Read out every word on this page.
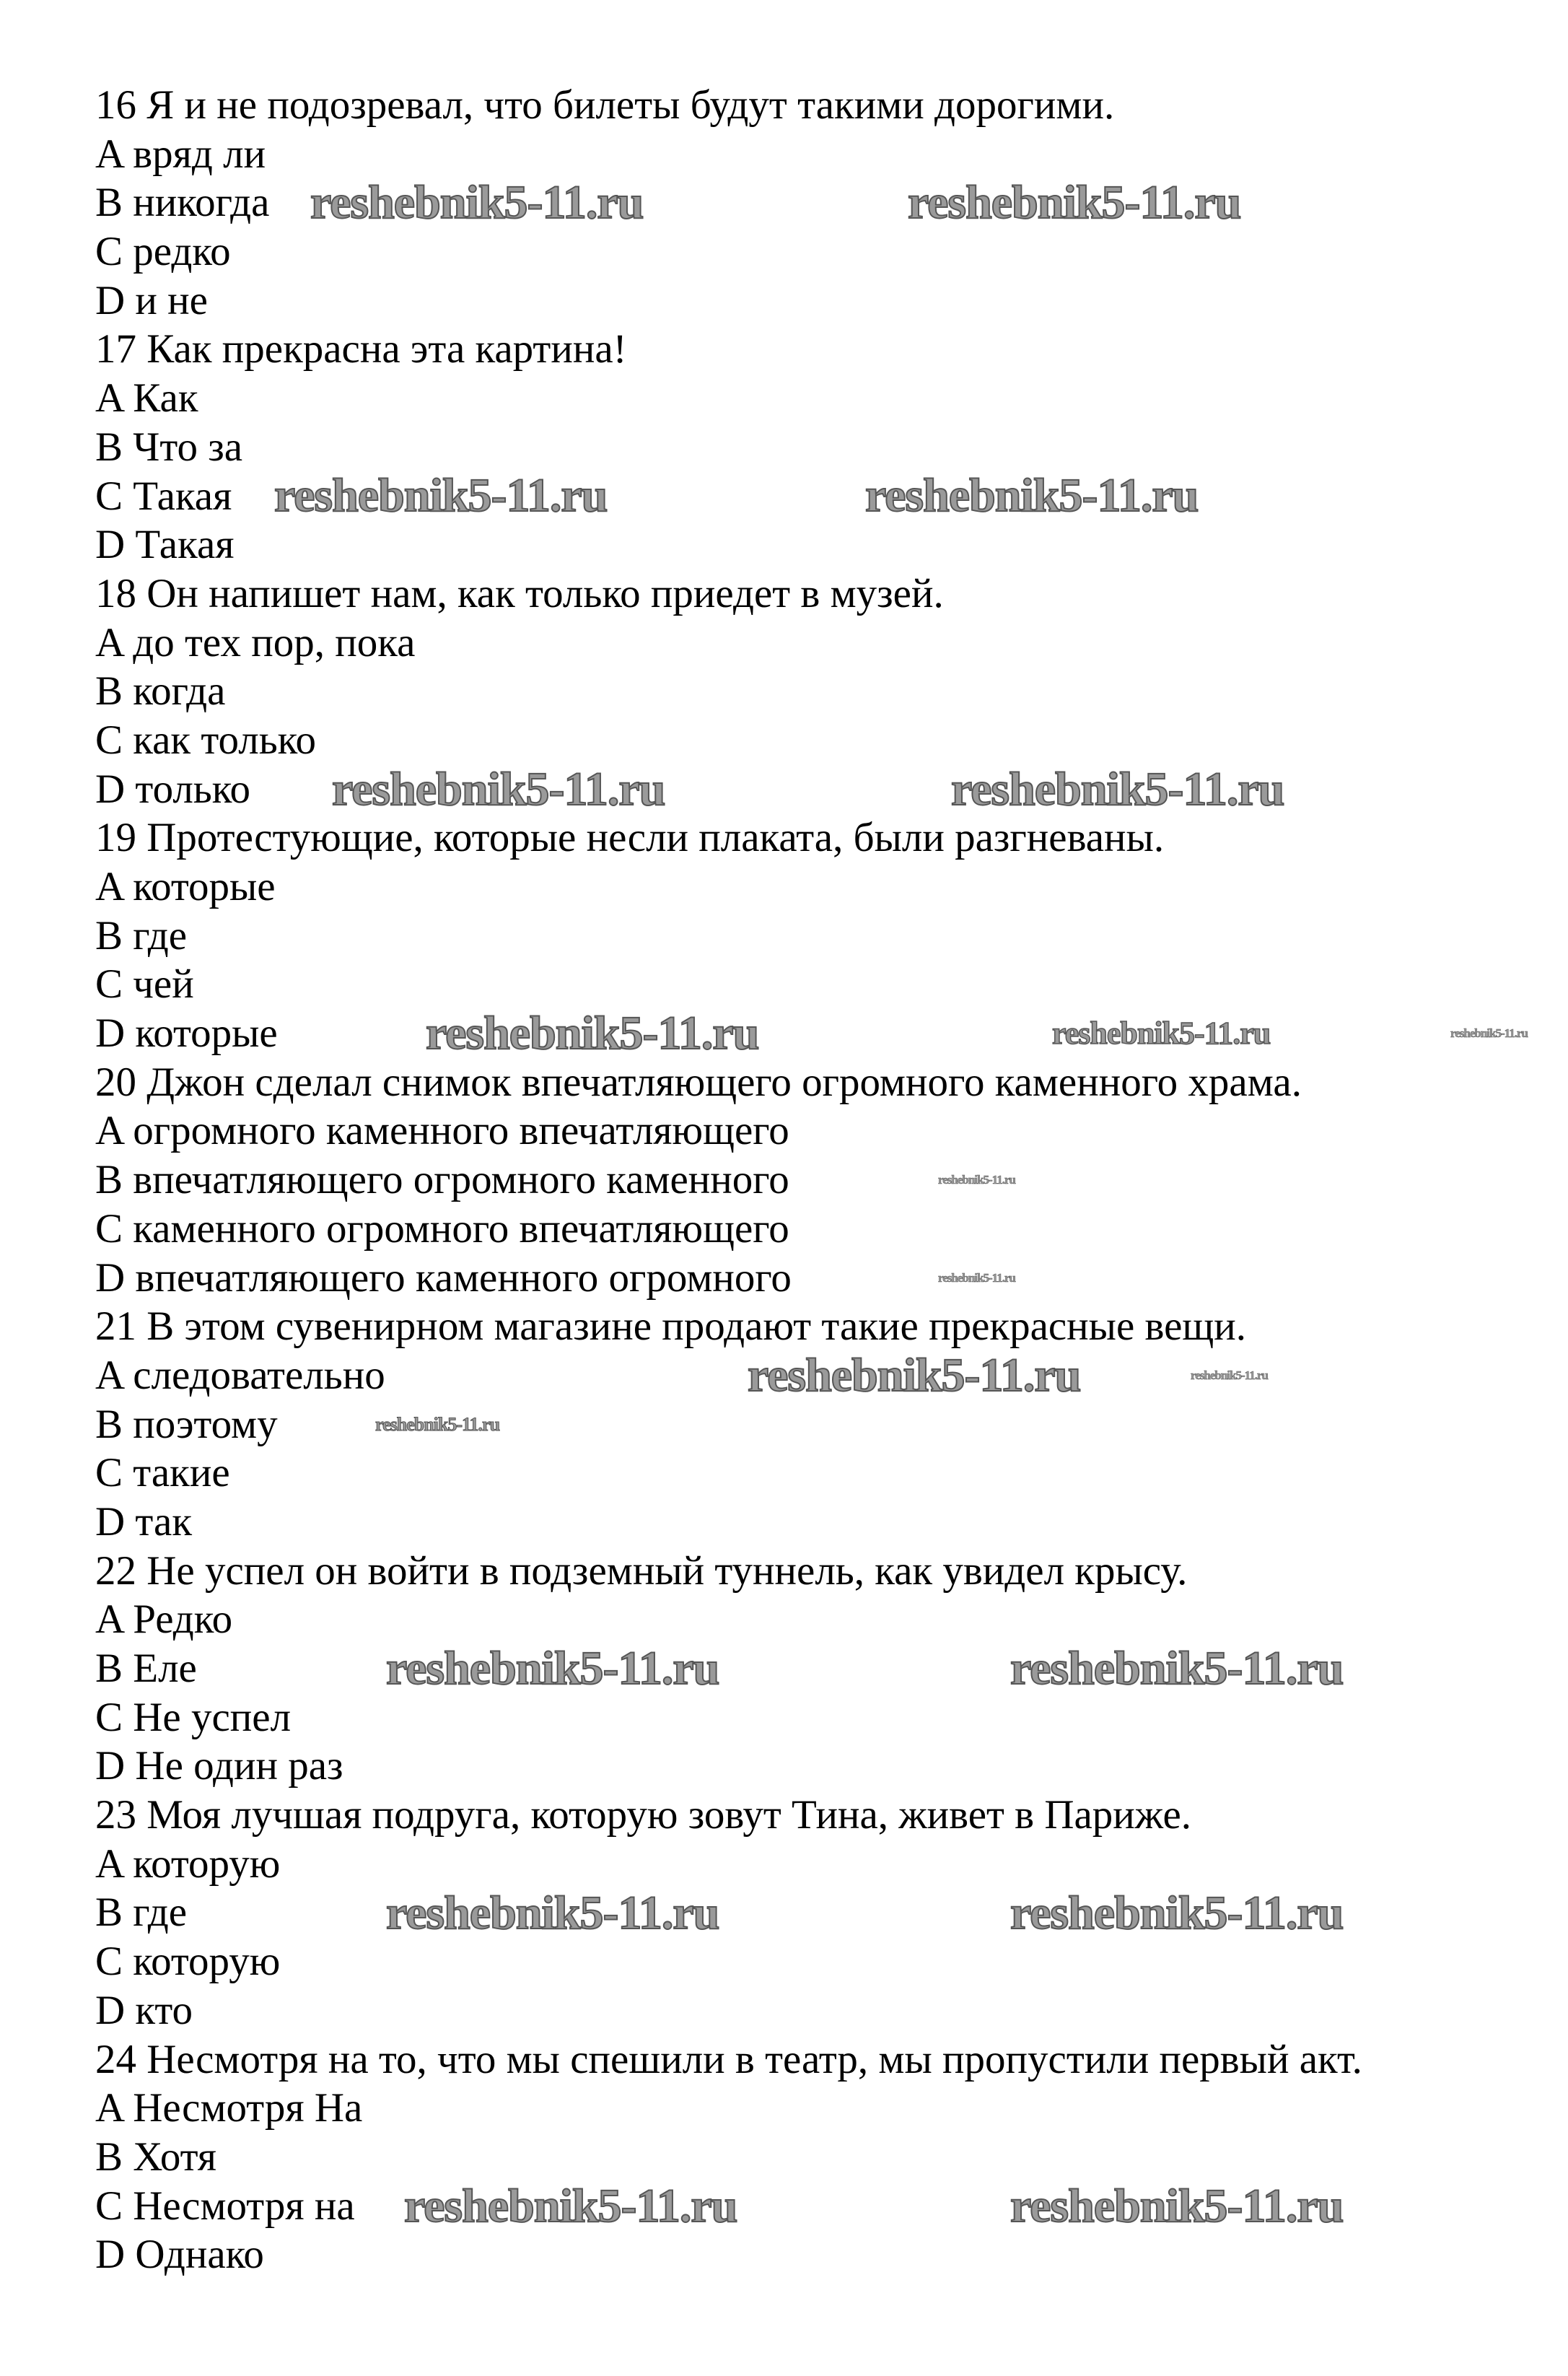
16 Я и не подозревал, что билеты будут такими дорогими.
A вряд ли
B никогда
C редко
D и не
17 Как прекрасна эта картина!
A Как
B Что за
C Такая
D Такая
18 Он напишет нам, как только приедет в музей.
A до тех пор, пока
B когда
C как только
D только
19 Протестующие, которые несли плаката, были разгневаны.
A которые
B где
C чей
D которые
20 Джон сделал снимок впечатляющего огромного каменного храма.
A огромного каменного впечатляющего
B впечатляющего огромного каменного
C каменного огромного впечатляющего
D впечатляющего каменного огромного
21 В этом сувенирном магазине продают такие прекрасные вещи.
A следовательно
B поэтому
C такие
D так
22 Не успел он войти в подземный туннель, как увидел крысу.
A Редко
B Еле
C Не успел
D Не один раз
23 Моя лучшая подруга, которую зовут Тина, живет в Париже.
A которую
B где
C которую
D кто
24 Несмотря на то, что мы спешили в театр, мы пропустили первый акт.
A Несмотря На
B Хотя
C Несмотря на
D Однако
reshebnik5-11.ru	reshebnik5-11.ru
reshebnik5-11.ru	reshebnik5-11.ru
reshebnik5-11.ru	reshebnik5-11.ru
reshebnik5-11.ru	reshebnik5-11.ru	reshebnik5-11.ru
reshebnik5-11.ru
reshebnik5-11.ru
reshebnik5-11.ru	reshebnik5-11.ru
reshebnik5-11.ru
reshebnik5-11.ru	reshebnik5-11.ru
reshebnik5-11.ru	reshebnik5-11.ru
reshebnik5-11.ru	reshebnik5-11.ru
